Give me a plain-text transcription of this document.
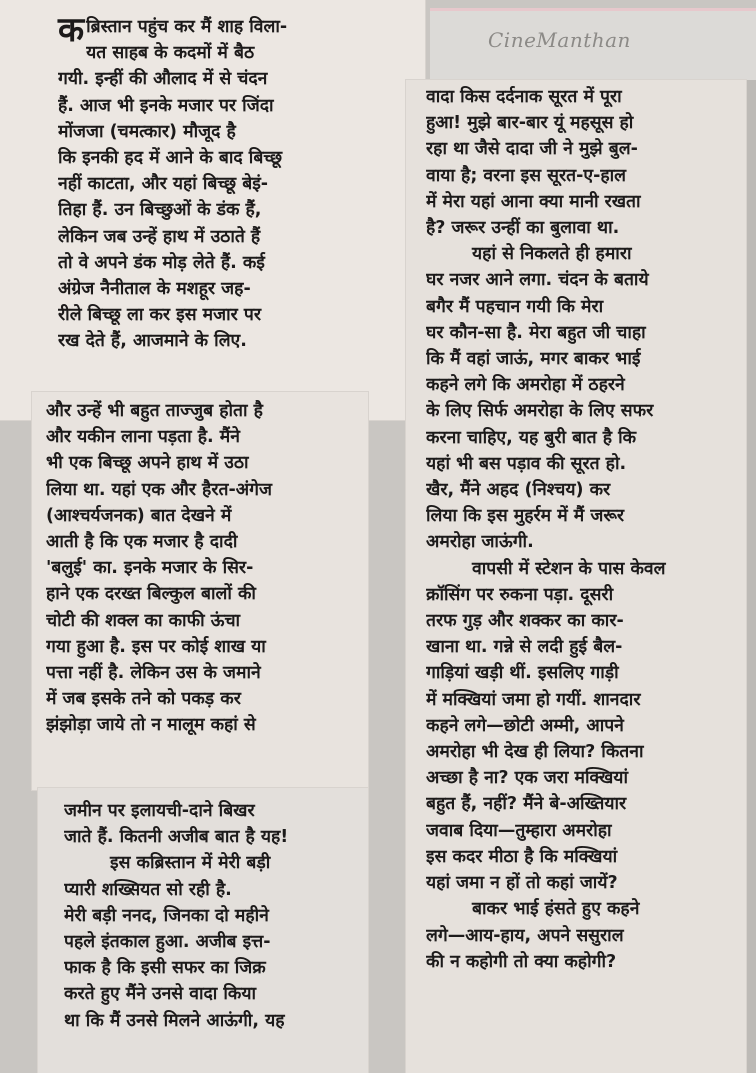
CineManthan
क ब्रिस्तान पहुंच कर मैं शाह विला-
यत साहब के कदमों में बैठ
गयी. इन्हीं की औलाद में से चंदन
हैं. आज भी इनके मजार पर जिंदा
मोंजजा (चमत्कार) मौजूद है
कि इनकी हद में आने के बाद बिच्छू
नहीं काटता, और यहां बिच्छू बेइं-
तिहा हैं. उन बिच्छुओं के डंक हैं,
लेकिन जब उन्हें हाथ में उठाते हैं
तो वे अपने डंक मोड़ लेते हैं. कई
अंग्रेज नैनीताल के मशहूर जह-
रीले बिच्छू ला कर इस मजार पर
रख देते हैं, आजमाने के लिए.
और उन्हें भी बहुत ताज्जुब होता है
और यकीन लाना पड़ता है. मैंने
भी एक बिच्छू अपने हाथ में उठा
लिया था. यहां एक और हैरत-अंगेज
(आश्चर्यजनक) बात देखने में
आती है कि एक मजार है दादी
'बलुई' का. इनके मजार के सिर-
हाने एक दरख्त बिल्कुल बालों की
चोटी की शक्ल का काफी ऊंचा
गया हुआ है. इस पर कोई शाख या
पत्ता नहीं है. लेकिन उस के जमाने
में जब इसके तने को पकड़ कर
झंझोड़ा जाये तो न मालूम कहां से
जमीन पर इलायची-दाने बिखर
जाते हैं. कितनी अजीब बात है यह!
इस कब्रिस्तान में मेरी बड़ी
प्यारी शख्सियत सो रही है.
मेरी बड़ी ननद, जिनका दो महीने
पहले इंतकाल हुआ. अजीब इत्त-
फाक है कि इसी सफर का जिक्र
करते हुए मैंने उनसे वादा किया
था कि मैं उनसे मिलने आऊंगी, यह
वादा किस दर्दनाक सूरत में पूरा
हुआ! मुझे बार-बार यूं महसूस हो
रहा था जैसे दादा जी ने मुझे बुल-
वाया है; वरना इस सूरत-ए-हाल
में मेरा यहां आना क्या मानी रखता
है? जरूर उन्हीं का बुलावा था.
यहां से निकलते ही हमारा
घर नजर आने लगा. चंदन के बताये
बगैर मैं पहचान गयी कि मेरा
घर कौन-सा है. मेरा बहुत जी चाहा
कि मैं वहां जाऊं, मगर बाकर भाई
कहने लगे कि अमरोहा में ठहरने
के लिए सिर्फ अमरोहा के लिए सफर
करना चाहिए, यह बुरी बात है कि
यहां भी बस पड़ाव की सूरत हो.
खैर, मैंने अहद (निश्चय) कर
लिया कि इस मुहर्रम में मैं जरूर
अमरोहा जाऊंगी.
वापसी में स्टेशन के पास केवल
क्रॉसिंग पर रुकना पड़ा. दूसरी
तरफ गुड़ और शक्कर का कार-
खाना था. गन्ने से लदी हुई बैल-
गाड़ियां खड़ी थीं. इसलिए गाड़ी
में मक्खियां जमा हो गयीं. शानदार
कहने लगे—छोटी अम्मी, आपने
अमरोहा भी देख ही लिया? कितना
अच्छा है ना? एक जरा मक्खियां
बहुत हैं, नहीं? मैंने बे-अख्तियार
जवाब दिया—तुम्हारा अमरोहा
इस कदर मीठा है कि मक्खियां
यहां जमा न हों तो कहां जायें?
बाकर भाई हंसते हुए कहने
लगे—आय-हाय, अपने ससुराल
की न कहोगी तो क्या कहोगी?
